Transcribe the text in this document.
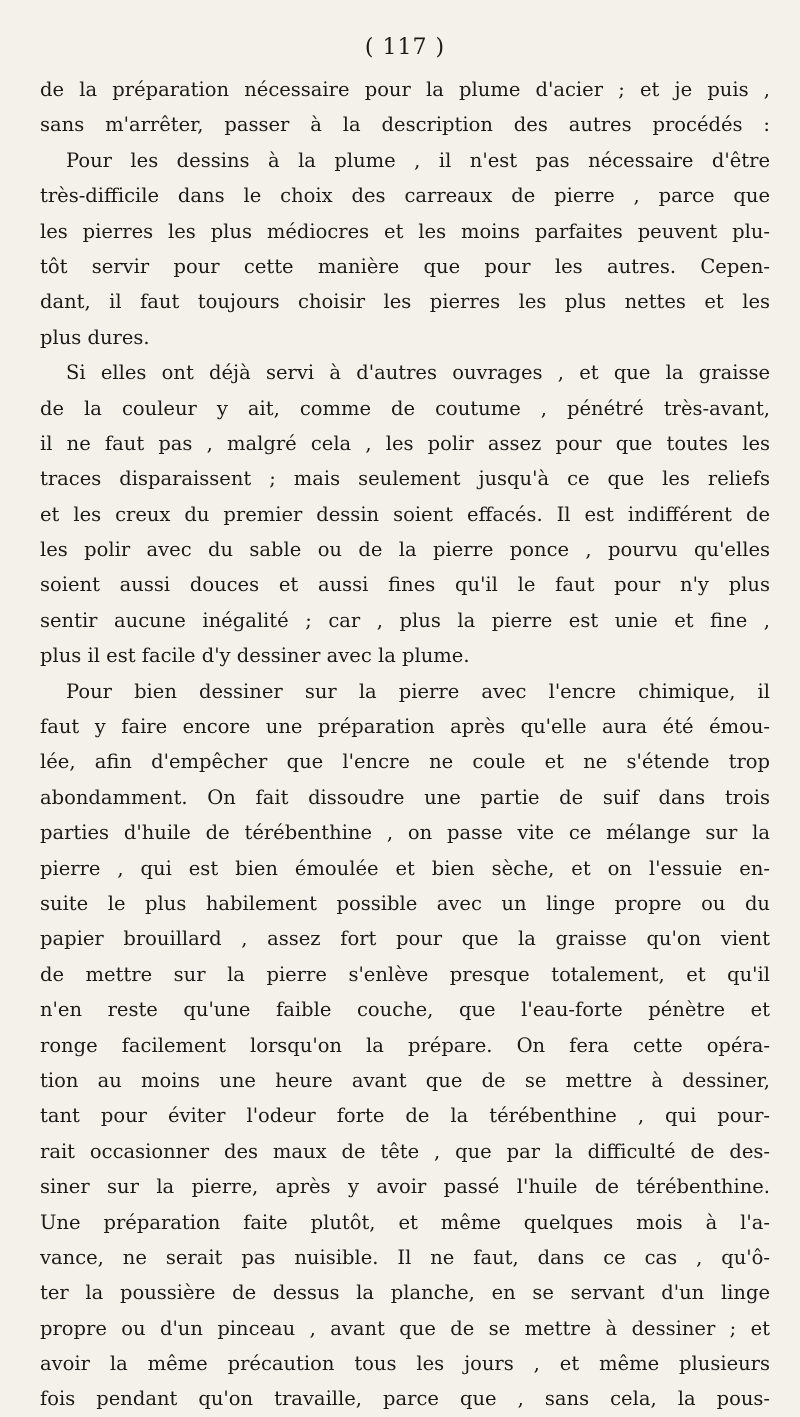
( 117 )
de la préparation nécessaire pour la plume d'acier ; et je puis ,
sans m'arrêter, passer à la description des autres procédés :
Pour les dessins à la plume , il n'est pas nécessaire d'être
très-difficile dans le choix des carreaux de pierre , parce que
les pierres les plus médiocres et les moins parfaites peuvent plu-
tôt servir pour cette manière que pour les autres. Cepen-
dant, il faut toujours choisir les pierres les plus nettes et les
plus dures.
Si elles ont déjà servi à d'autres ouvrages , et que la graisse
de la couleur y ait, comme de coutume , pénétré très-avant,
il ne faut pas , malgré cela , les polir assez pour que toutes les
traces disparaissent ; mais seulement jusqu'à ce que les reliefs
et les creux du premier dessin soient effacés. Il est indifférent de
les polir avec du sable ou de la pierre ponce , pourvu qu'elles
soient aussi douces et aussi fines qu'il le faut pour n'y plus
sentir aucune inégalité ; car , plus la pierre est unie et fine ,
plus il est facile d'y dessiner avec la plume.
Pour bien dessiner sur la pierre avec l'encre chimique, il
faut y faire encore une préparation après qu'elle aura été émou-
lée, afin d'empêcher que l'encre ne coule et ne s'étende trop
abondamment. On fait dissoudre une partie de suif dans trois
parties d'huile de térébenthine , on passe vite ce mélange sur la
pierre , qui est bien émoulée et bien sèche, et on l'essuie en-
suite le plus habilement possible avec un linge propre ou du
papier brouillard , assez fort pour que la graisse qu'on vient
de mettre sur la pierre s'enlève presque totalement, et qu'il
n'en reste qu'une faible couche, que l'eau-forte pénètre et
ronge facilement lorsqu'on la prépare. On fera cette opéra-
tion au moins une heure avant que de se mettre à dessiner,
tant pour éviter l'odeur forte de la térébenthine , qui pour-
rait occasionner des maux de tête , que par la difficulté de des-
siner sur la pierre, après y avoir passé l'huile de térébenthine.
Une préparation faite plutôt, et même quelques mois à l'a-
vance, ne serait pas nuisible. Il ne faut, dans ce cas , qu'ô-
ter la poussière de dessus la planche, en se servant d'un linge
propre ou d'un pinceau , avant que de se mettre à dessiner ; et
avoir la même précaution tous les jours , et même plusieurs
fois pendant qu'on travaille, parce que , sans cela, la pous-
